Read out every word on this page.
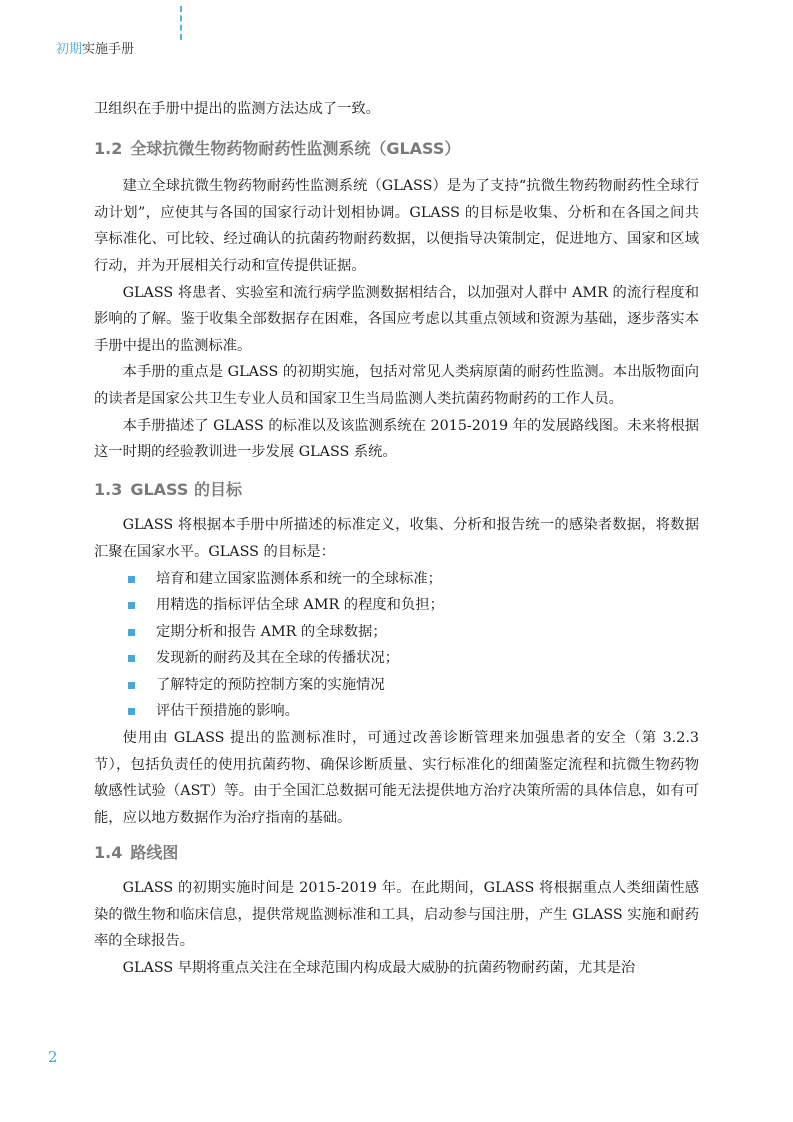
初期实施手册

卫组织在手册中提出的监测方法达成了一致。

1.2 全球抗微生物药物耐药性监测系统（GLASS）

建立全球抗微生物药物耐药性监测系统（GLASS）是为了支持“抗微生物药物耐药性全球行动计划”，应使其与各国的国家行动计划相协调。GLASS 的目标是收集、分析和在各国之间共享标准化、可比较、经过确认的抗菌药物耐药数据，以便指导决策制定，促进地方、国家和区域行动，并为开展相关行动和宣传提供证据。

GLASS 将患者、实验室和流行病学监测数据相结合，以加强对人群中 AMR 的流行程度和影响的了解。鉴于收集全部数据存在困难，各国应考虑以其重点领域和资源为基础，逐步落实本手册中提出的监测标准。

本手册的重点是 GLASS 的初期实施，包括对常见人类病原菌的耐药性监测。本出版物面向的读者是国家公共卫生专业人员和国家卫生当局监测人类抗菌药物耐药的工作人员。

本手册描述了 GLASS 的标准以及该监测系统在 2015-2019 年的发展路线图。未来将根据这一时期的经验教训进一步发展 GLASS 系统。

1.3 GLASS 的目标

GLASS 将根据本手册中所描述的标准定义，收集、分析和报告统一的感染者数据，将数据汇聚在国家水平。GLASS 的目标是：

培育和建立国家监测体系和统一的全球标准；
用精选的指标评估全球 AMR 的程度和负担；
定期分析和报告 AMR 的全球数据；
发现新的耐药及其在全球的传播状况；
了解特定的预防控制方案的实施情况
评估干预措施的影响。

使用由 GLASS 提出的监测标准时，可通过改善诊断管理来加强患者的安全（第 3.2.3 节），包括负责任的使用抗菌药物、确保诊断质量、实行标准化的细菌鉴定流程和抗微生物药物敏感性试验（AST）等。由于全国汇总数据可能无法提供地方治疗决策所需的具体信息，如有可能，应以地方数据作为治疗指南的基础。

1.4 路线图

GLASS 的初期实施时间是 2015-2019 年。在此期间，GLASS 将根据重点人类细菌性感染的微生物和临床信息，提供常规监测标准和工具，启动参与国注册，产生 GLASS 实施和耐药率的全球报告。

GLASS 早期将重点关注在全球范围内构成最大威胁的抗菌药物耐药菌，尤其是治

2
